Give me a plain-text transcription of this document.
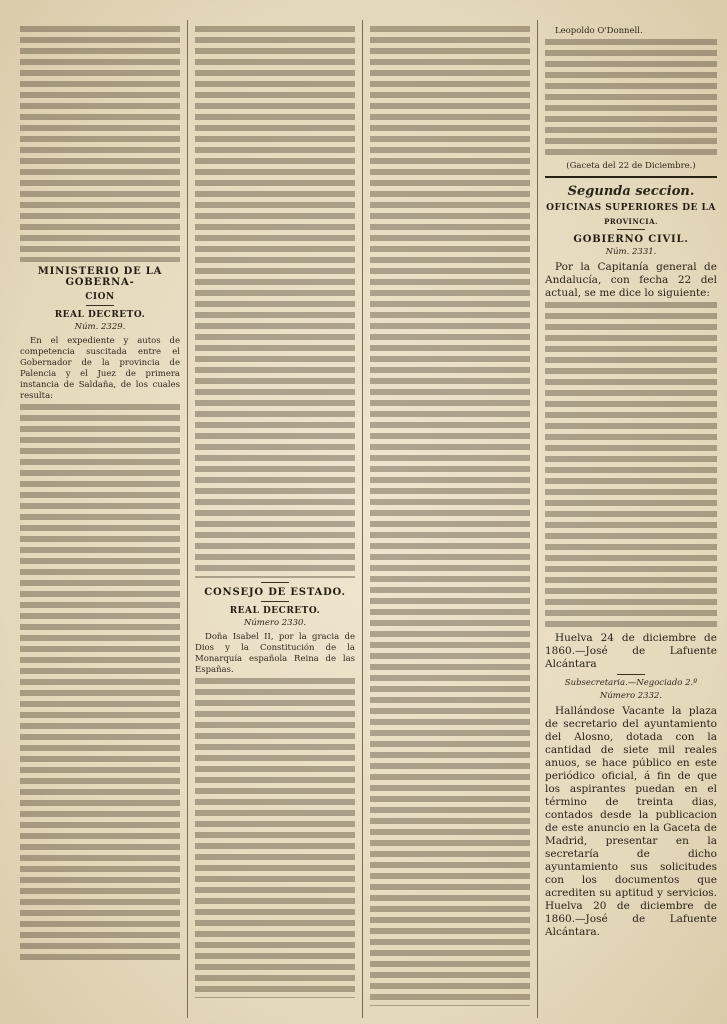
MINISTERIO DE LA GOBERNA-
CION
REAL DECRETO.
Núm. 2329.

En el expediente y autos de competencia suscitada entre el Gobernador de la provincia de Palencia y el Juez de primera instancia de Saldaña, de los cuales resulta:

CONSEJO DE ESTADO.
REAL DECRETO.
Número 2330.

Doña Isabel II, por la gracia de Dios y la Constitución de la Monarquía española Reina de las Españas.

Leopoldo O'Donnell.

(Gaceta del 22 de Diciembre.)

Segunda seccion.
OFICINAS SUPERIORES DE LA
PROVINCIA.
GOBIERNO CIVIL.
Núm. 2331.

Por la Capitanía general de Andalucía, con fecha 22 del actual, se me dice lo siguiente:

Huelva 24 de diciembre de 1860.—José de Lafuente Alcántara

Subsecretaria.—Negociado 2.º

Número 2332.

Hallándose Vacante la plaza de secretario del ayuntamiento del Alosno, dotada con la cantidad de siete mil reales anuos, se hace público en este periódico oficial, á fin de que los aspirantes puedan en el término de treinta dias, contados desde la publicacion de este anuncio en la Gaceta de Madrid, presentar en la secretaría de dicho ayuntamiento sus solicitudes con los documentos que acrediten su aptitud y servicios. Huelva 20 de diciembre de 1860.—José de Lafuente Alcántara.
